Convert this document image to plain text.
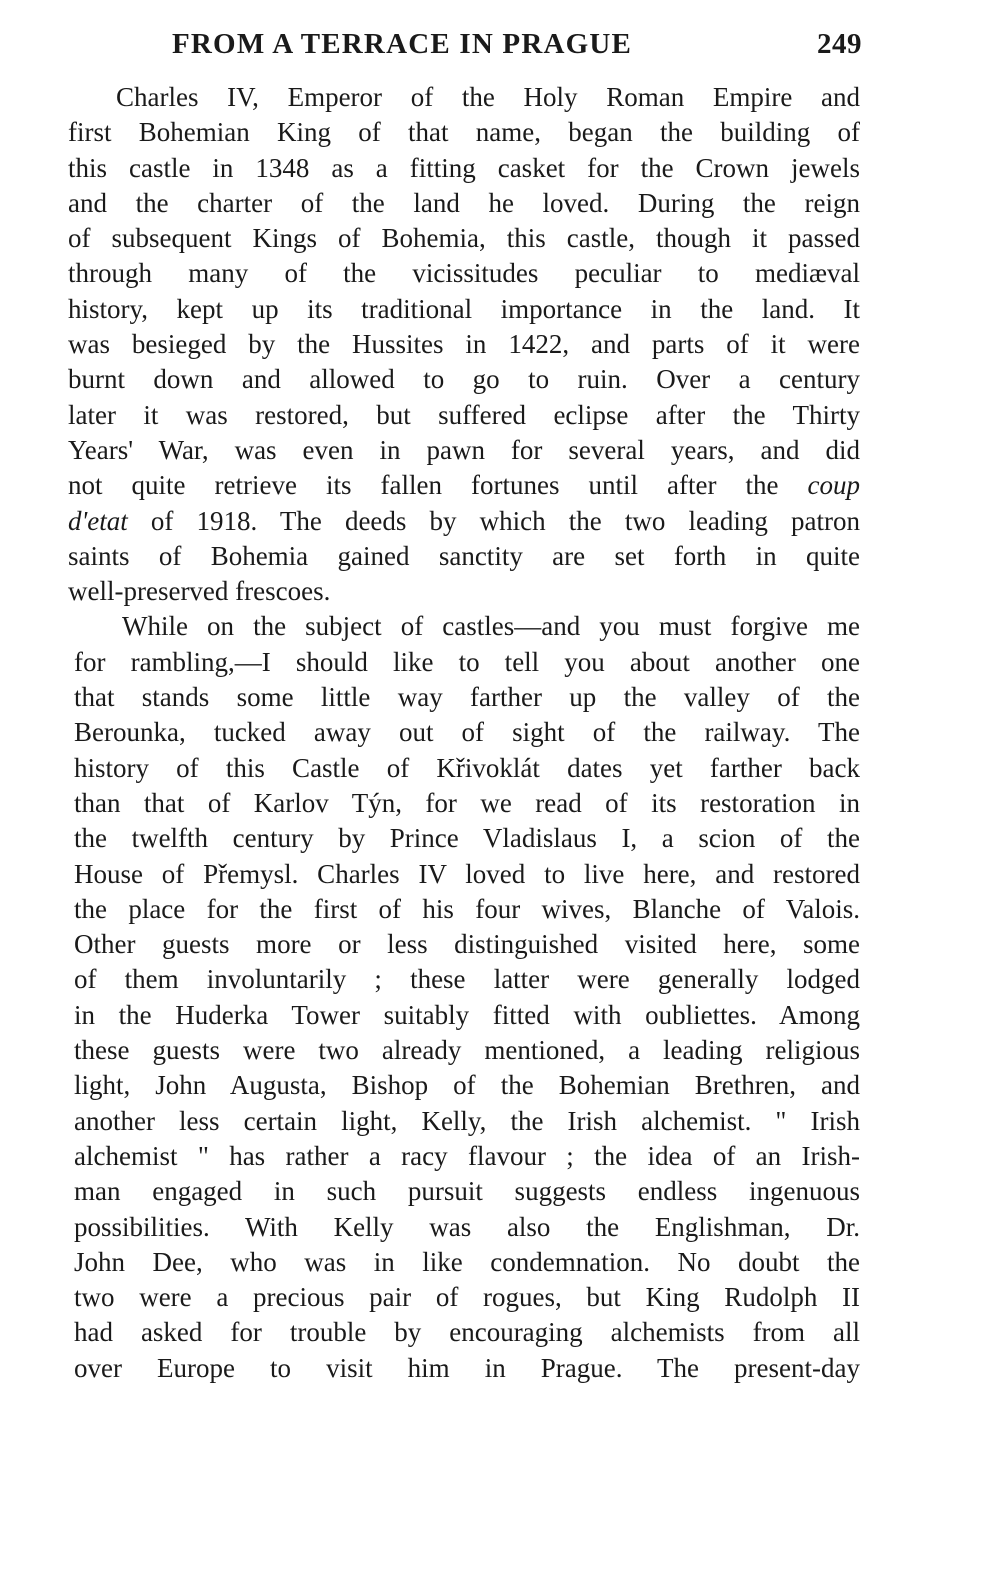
FROM A TERRACE IN PRAGUE	249
Charles IV, Emperor of the Holy Roman Empire and
first Bohemian King of that name, began the building of
this castle in 1348 as a fitting casket for the Crown jewels
and the charter of the land he loved. During the reign
of subsequent Kings of Bohemia, this castle, though it passed
through many of the vicissitudes peculiar to mediæval
history, kept up its traditional importance in the land. It
was besieged by the Hussites in 1422, and parts of it were
burnt down and allowed to go to ruin. Over a century
later it was restored, but suffered eclipse after the Thirty
Years' War, was even in pawn for several years, and did
not quite retrieve its fallen fortunes until after the coup
d'etat of 1918. The deeds by which the two leading patron
saints of Bohemia gained sanctity are set forth in quite
well-preserved frescoes.
While on the subject of castles—and you must forgive me
for rambling,—I should like to tell you about another one
that stands some little way farther up the valley of the
Berounka, tucked away out of sight of the railway. The
history of this Castle of Křivoklát dates yet farther back
than that of Karlov Týn, for we read of its restoration in
the twelfth century by Prince Vladislaus I, a scion of the
House of Přemysl. Charles IV loved to live here, and restored
the place for the first of his four wives, Blanche of Valois.
Other guests more or less distinguished visited here, some
of them involuntarily ; these latter were generally lodged
in the Huderka Tower suitably fitted with oubliettes. Among
these guests were two already mentioned, a leading religious
light, John Augusta, Bishop of the Bohemian Brethren, and
another less certain light, Kelly, the Irish alchemist. " Irish
alchemist " has rather a racy flavour ; the idea of an Irish-
man engaged in such pursuit suggests endless ingenuous
possibilities. With Kelly was also the Englishman, Dr.
John Dee, who was in like condemnation. No doubt the
two were a precious pair of rogues, but King Rudolph II
had asked for trouble by encouraging alchemists from all
over Europe to visit him in Prague. The present-day
